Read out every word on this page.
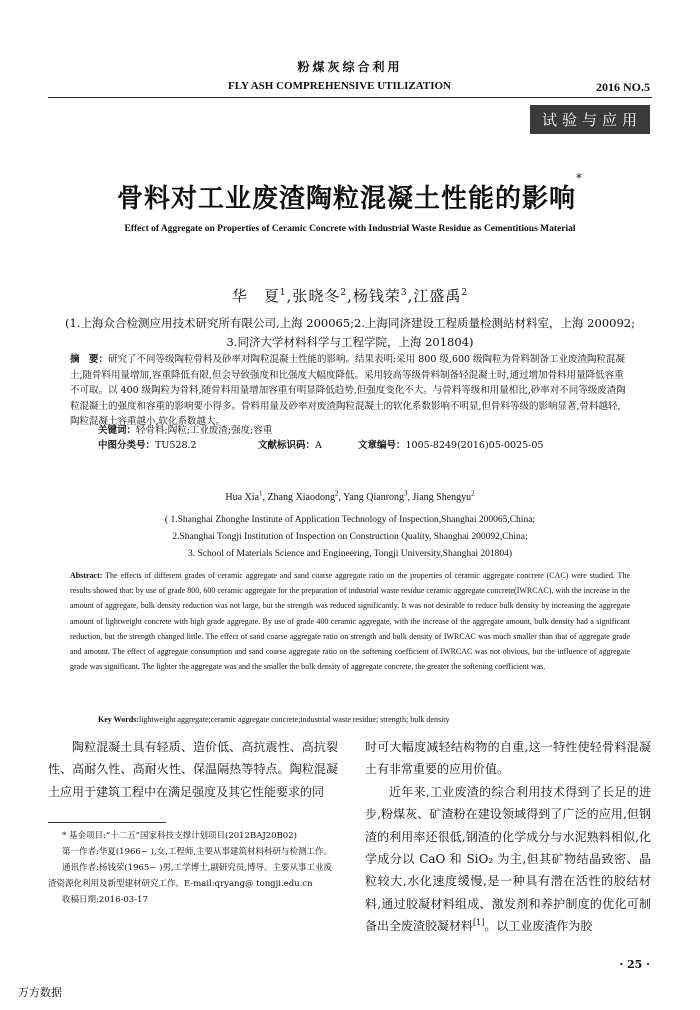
粉煤灰综合利用
FLY ASH COMPREHENSIVE UTILIZATION	2016 NO.5
试验与应用
骨料对工业废渣陶粒混凝土性能的影响*
Effect of Aggregate on Properties of Ceramic Concrete with Industrial Waste Residue as Cementitious Material
华　夏$^1$,张晓冬$^2$,杨钱荣$^3$,江盛禹$^2$
(1.上海众合检测应用技术研究所有限公司,上海 200065;2.上海同济建设工程质量检测站材料室，上海 200092;
3.同济大学材料科学与工程学院，上海 201804)
摘　要：研究了不同等级陶粒骨料及砂率对陶粒混凝土性能的影响。结果表明:采用 800 级,600 级陶粒为骨料制备工业废渣陶粒混凝土,随骨料用量增加,容重降低有限,但会导致强度和比强度大幅度降低。采用较高等级骨料制备轻混凝土时,通过增加骨料用量降低容重不可取。以 400 级陶粒为骨料,随骨料用量增加容重有明显降低趋势,但强度变化不大。与骨料等级和用量相比,砂率对不同等级废渣陶粒混凝土的强度和容重的影响要小得多。骨料用量及砂率对废渣陶粒混凝土的软化系数影响不明显,但骨料等级的影响显著,骨料越轻,陶粒混凝土容重越小,软化系数越大。
关键词：轻骨料;陶粒;工业废渣;强度;容重
中图分类号：TU528.2	文献标识码：A	文章编号：1005-8249(2016)05-0025-05
Hua Xia$^1$, Zhang Xiaodong$^2$, Yang Qianrong$^3$, Jiang Shengyu$^2$
( 1.Shanghai Zhonghe Institute of Application Technology of Inspection,Shanghai 200065,China;
2.Shanghai Tongji Institution of Inspection on Construction Quality, Shanghai 200092,China;
3. School of Materials Science and Engineering, Tongji University,Shanghai 201804)
Abstract: The effects of different grades of ceramic aggregate and sand coarse aggregate ratio on the properties of ceramic aggregate concrete (CAC) were studied. The results showed that: by use of grade 800, 600 ceramic aggregate for the preparation of industrial waste residue ceramic aggregate concrete(IWRCAC), with the increase in the amount of aggregate, bulk density reduction was not large, but the strength was reduced significantly. It was not desirable to reduce bulk density by increasing the aggregate amount of lightweight concrete with high grade aggregate. By use of grade 400 ceramic aggregate, with the increase of the aggregate amount, bulk density had a significant reduction, but the strength changed little. The effect of sand coarse aggregate ratio on strength and bulk density of IWRCAC was much smaller than that of aggregate grade and amount. The effect of aggregate consumption and sand coarse aggregate ratio on the softening coefficient of IWRCAC was not obvious, but the influence of aggregate grade was significant. The lighter the aggregate was and the smaller the bulk density of aggregate concrete, the greater the softening coefficient was.
Key Words:lightweight aggregate;ceramic aggregate concrete;industrial waste residue; strength; bulk density
陶粒混凝土具有轻质、造价低、高抗震性、高抗裂性、高耐久性、高耐火性、保温隔热等特点。陶粒混凝土应用于建筑工程中在满足强度及其它性能要求的同
时可大幅度减轻结构物的自重,这一特性使轻骨料混凝土有非常重要的应用价值。
近年来,工业废渣的综合利用技术得到了长足的进步,粉煤灰、矿渣粉在建设领域得到了广泛的应用,但钢渣的利用率还很低,钢渣的化学成分与水泥熟料相似,化学成分以 CaO 和 SiO₂ 为主,但其矿物结晶致密、晶粒较大,水化速度缓慢,是一种具有潜在活性的胶结材料,通过胶凝材料组成、激发剂和养护制度的优化可制备出全废渣胶凝材料[1]。以工业废渣作为胶

* 基金项目:“十二五”国家科技支撑计划项目(2012BAJ20B02)

第一作者:华夏(1966~ ),女,工程师,主要从事建筑材料科研与检测工作。

通讯作者:杨钱荣(1965~ )男,工学博士,副研究员,博导。主要从事工业废渣资源化利用及新型建材研究工作。E-mail:qryang@ tongji.edu.cn

收稿日期:2016-03-17

· 25 ·
万方数据
